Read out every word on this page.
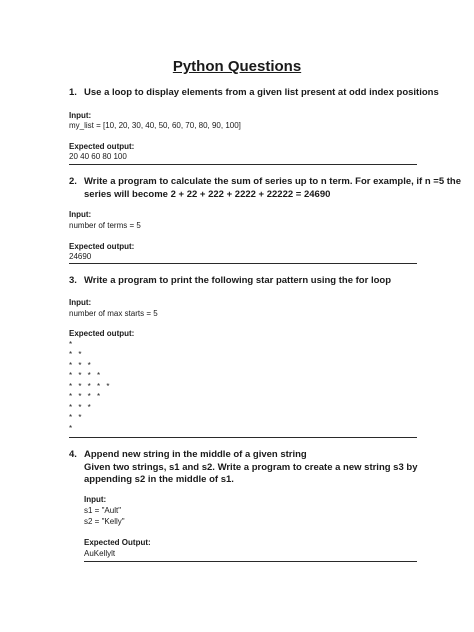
Python Questions
1. Use a loop to display elements from a given list present at odd index positions
Input:
my_list = [10, 20, 30, 40, 50, 60, 70, 80, 90, 100]
Expected output:
20 40 60 80 100
2. Write a program to calculate the sum of series up to n term. For example, if n =5 the
series will become 2 + 22 + 222 + 2222 + 22222 = 24690
Input:
number of terms = 5
Expected output:
24690
3. Write a program to print the following star pattern using the for loop
Input:
number of max starts = 5
Expected output:
*
* *
* * *
* * * *
* * * * *
* * * *
* * *
* *
*
4. Append new string in the middle of a given string
Given two strings, s1 and s2. Write a program to create a new string s3 by
appending s2 in the middle of s1.
Input:
s1 = "Ault"
s2 = "Kelly"
Expected Output:
AuKellylt
